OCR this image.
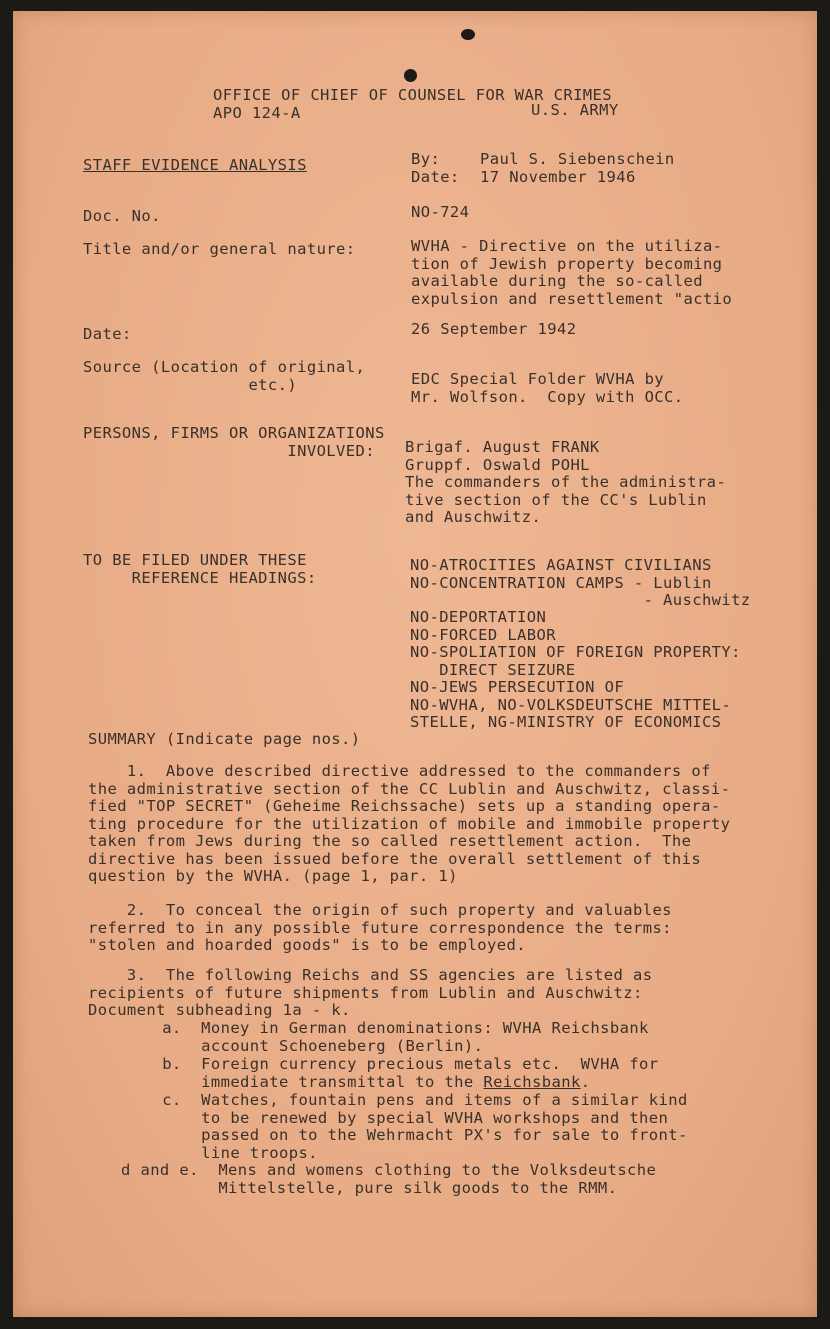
OFFICE OF CHIEF OF COUNSEL FOR WAR CRIMES

APO 124-A	U.S. ARMY

STAFF EVIDENCE ANALYSIS	By:	Paul S. Siebenschein

Date: 17 November 1946

Doc. No.	NO-724

Title and/or general nature:	WVHA - Directive on the utiliza-
tion of Jewish property becoming
available during the so-called
expulsion and resettlement "actio

Date:	26 September 1942

Source (Location of original,
etc.)	EDC Special Folder WVHA by
Mr. Wolfson.  Copy with OCC.

PERSONS, FIRMS OR ORGANIZATIONS
INVOLVED:	Brigaf. August FRANK
Gruppf. Oswald POHL
The commanders of the administra-
tive section of the CC's Lublin
and Auschwitz.

TO BE FILED UNDER THESE
REFERENCE HEADINGS:

NO-ATROCITIES AGAINST CIVILIANS
NO-CONCENTRATION CAMPS - Lublin
- Auschwitz

NO-DEPORTATION
NO-FORCED LABOR
NO-SPOLIATION OF FOREIGN PROPERTY:
DIRECT SEIZURE
NO-JEWS PERSECUTION OF
NO-WVHA, NO-VOLKSDEUTSCHE MITTEL-
STELLE, NG-MINISTRY OF ECONOMICS

SUMMARY (Indicate page nos.)

1.  Above described directive addressed to the commanders of
the administrative section of the CC Lublin and Auschwitz, classi-
fied "TOP SECRET" (Geheime Reichssache) sets up a standing opera-
ting procedure for the utilization of mobile and immobile property
taken from Jews during the so called resettlement action.  The
directive has been issued before the overall settlement of this
question by the WVHA. (page 1, par. 1)

2.  To conceal the origin of such property and valuables
referred to in any possible future correspondence the terms:
"stolen and hoarded goods" is to be employed.

3.  The following Reichs and SS agencies are listed as
recipients of future shipments from Lublin and Auschwitz:
Document subheading 1a - k.

a.  Money in German denominations: WVHA Reichsbank
account Schoeneberg (Berlin).

b.  Foreign currency precious metals etc.  WVHA for
immediate transmittal to the Reichsbank.

c.  Watches, fountain pens and items of a similar kind
to be renewed by special WVHA workshops and then
passed on to the Wehrmacht PX's for sale to front-
line troops.

d and e.  Mens and womens clothing to the Volksdeutsche
Mittelstelle, pure silk goods to the RMM.
